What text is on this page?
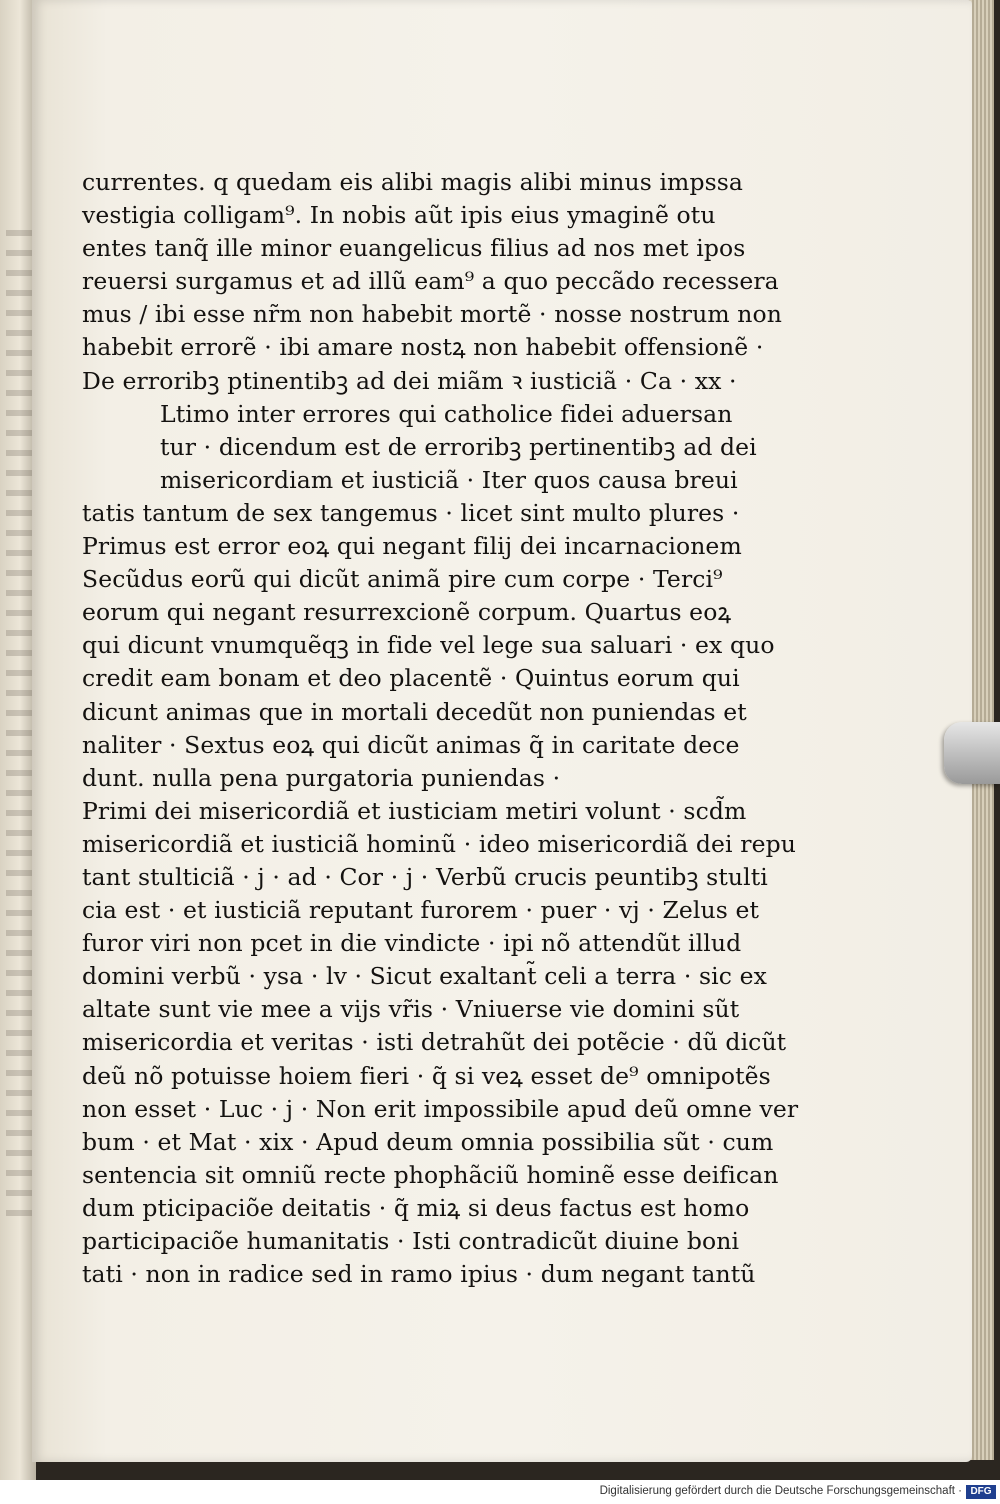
currentes. q quedam eis alibi magis alibi minus impssa
vestigia colligam⁹. In nobis aũt ipis eius ymaginẽ otu
entes tanq̃ ille minor euangelicus filius ad nos met ipos
reuersi surgamus et ad illũ eam⁹ a quo peccãdo recessera
mus / ibi esse nr̃m non habebit mortẽ · nosse nostrum non
habebit errorẽ · ibi amare nostꝝ non habebit offensionẽ ·
De erroribꝫ ptinentibꝫ ad dei miãm ꝛ iusticiã · Ca · xx ·
Ltimo inter errores qui catholice fidei aduersan
tur · dicendum est de erroribꝫ pertinentibꝫ ad dei
misericordiam et iusticiã · Iter quos causa breui
tatis tantum de sex tangemus · licet sint multo plures ·
Primus est error eoꝝ qui negant filij dei incarnacionem
Secũdus eorũ qui dicũt animã pire cum corpe · Terci⁹
eorum qui negant resurrexcionẽ corpum. Quartus eoꝝ
qui dicunt vnumquẽqꝫ in fide vel lege sua saluari · ex quo
credit eam bonam et deo placentẽ · Quintus eorum qui
dicunt animas que in mortali decedũt non puniendas et
naliter · Sextus eoꝝ qui dicũt animas q̃ in caritate dece
dunt. nulla pena purgatoria puniendas ·
Primi dei misericordiã et iusticiam metiri volunt · scd̃m
misericordiã et iusticiã hominũ · ideo misericordiã dei repu
tant stulticiã · j · ad · Cor · j · Verbũ crucis peuntibꝫ stulti
cia est · et iusticiã reputant furorem · puer · vj · Zelus et
furor viri non pcet in die vindicte · ipi nõ attendũt illud
domini verbũ · ysa · lv · Sicut exaltant̃ celi a terra · sic ex
altate sunt vie mee a vijs vr̃is · Vniuerse vie domini sũt
misericordia et veritas · isti detrahũt dei potẽcie · dũ dicũt
deũ nõ potuisse hoiem fieri · q̃ si veꝝ esset de⁹ omnipotẽs
non esset · Luc · j · Non erit impossibile apud deũ omne ver
bum · et Mat · xix · Apud deum omnia possibilia sũt · cum
sentencia sit omniũ recte phophãciũ hominẽ esse deifican
dum pticipaciõe deitatis · q̃ miꝝ si deus factus est homo
participaciõe humanitatis · Isti contradicũt diuine boni
tati · non in radice sed in ramo ipius · dum negant tantũ
Digitalisierung gefördert durch die Deutsche Forschungsgemeinschaft · DFG
